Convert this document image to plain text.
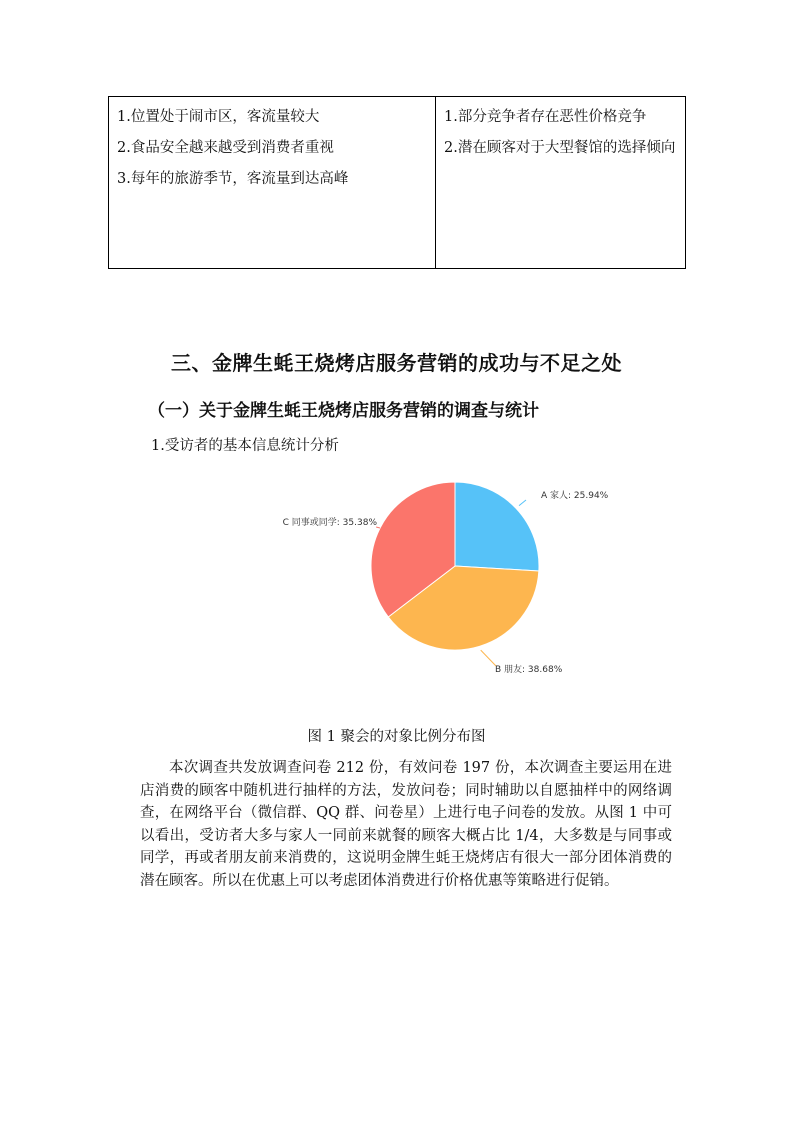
1. 位置处于闹市区，客流量较大
2. 食品安全越来越受到消费者重视
3. 每年的旅游季节，客流量到达高峰
1. 部分竞争者存在恶性价格竞争
2. 潜在顾客对于大型餐馆的选择倾向
三、金牌生蚝王烧烤店服务营销的成功与不足之处
（一）关于金牌生蚝王烧烤店服务营销的调查与统计
1.受访者的基本信息统计分析
A 家人: 25.94%
B 朋友: 38.68%
C 同事或同学: 35.38%
图 1 聚会的对象比例分布图
本次调查共发放调查问卷 212 份，有效问卷 197 份，本次调查主要运用在进店消费的顾客中随机进行抽样的方法，发放问卷；同时辅助以自愿抽样中的网络调查，在网络平台（微信群、QQ 群、问卷星）上进行电子问卷的发放。从图 1 中可以看出，受访者大多与家人一同前来就餐的顾客大概占比 1/4，大多数是与同事或同学，再或者朋友前来消费的，这说明金牌生蚝王烧烤店有很大一部分团体消费的潜在顾客。所以在优惠上可以考虑团体消费进行价格优惠等策略进行促销。
